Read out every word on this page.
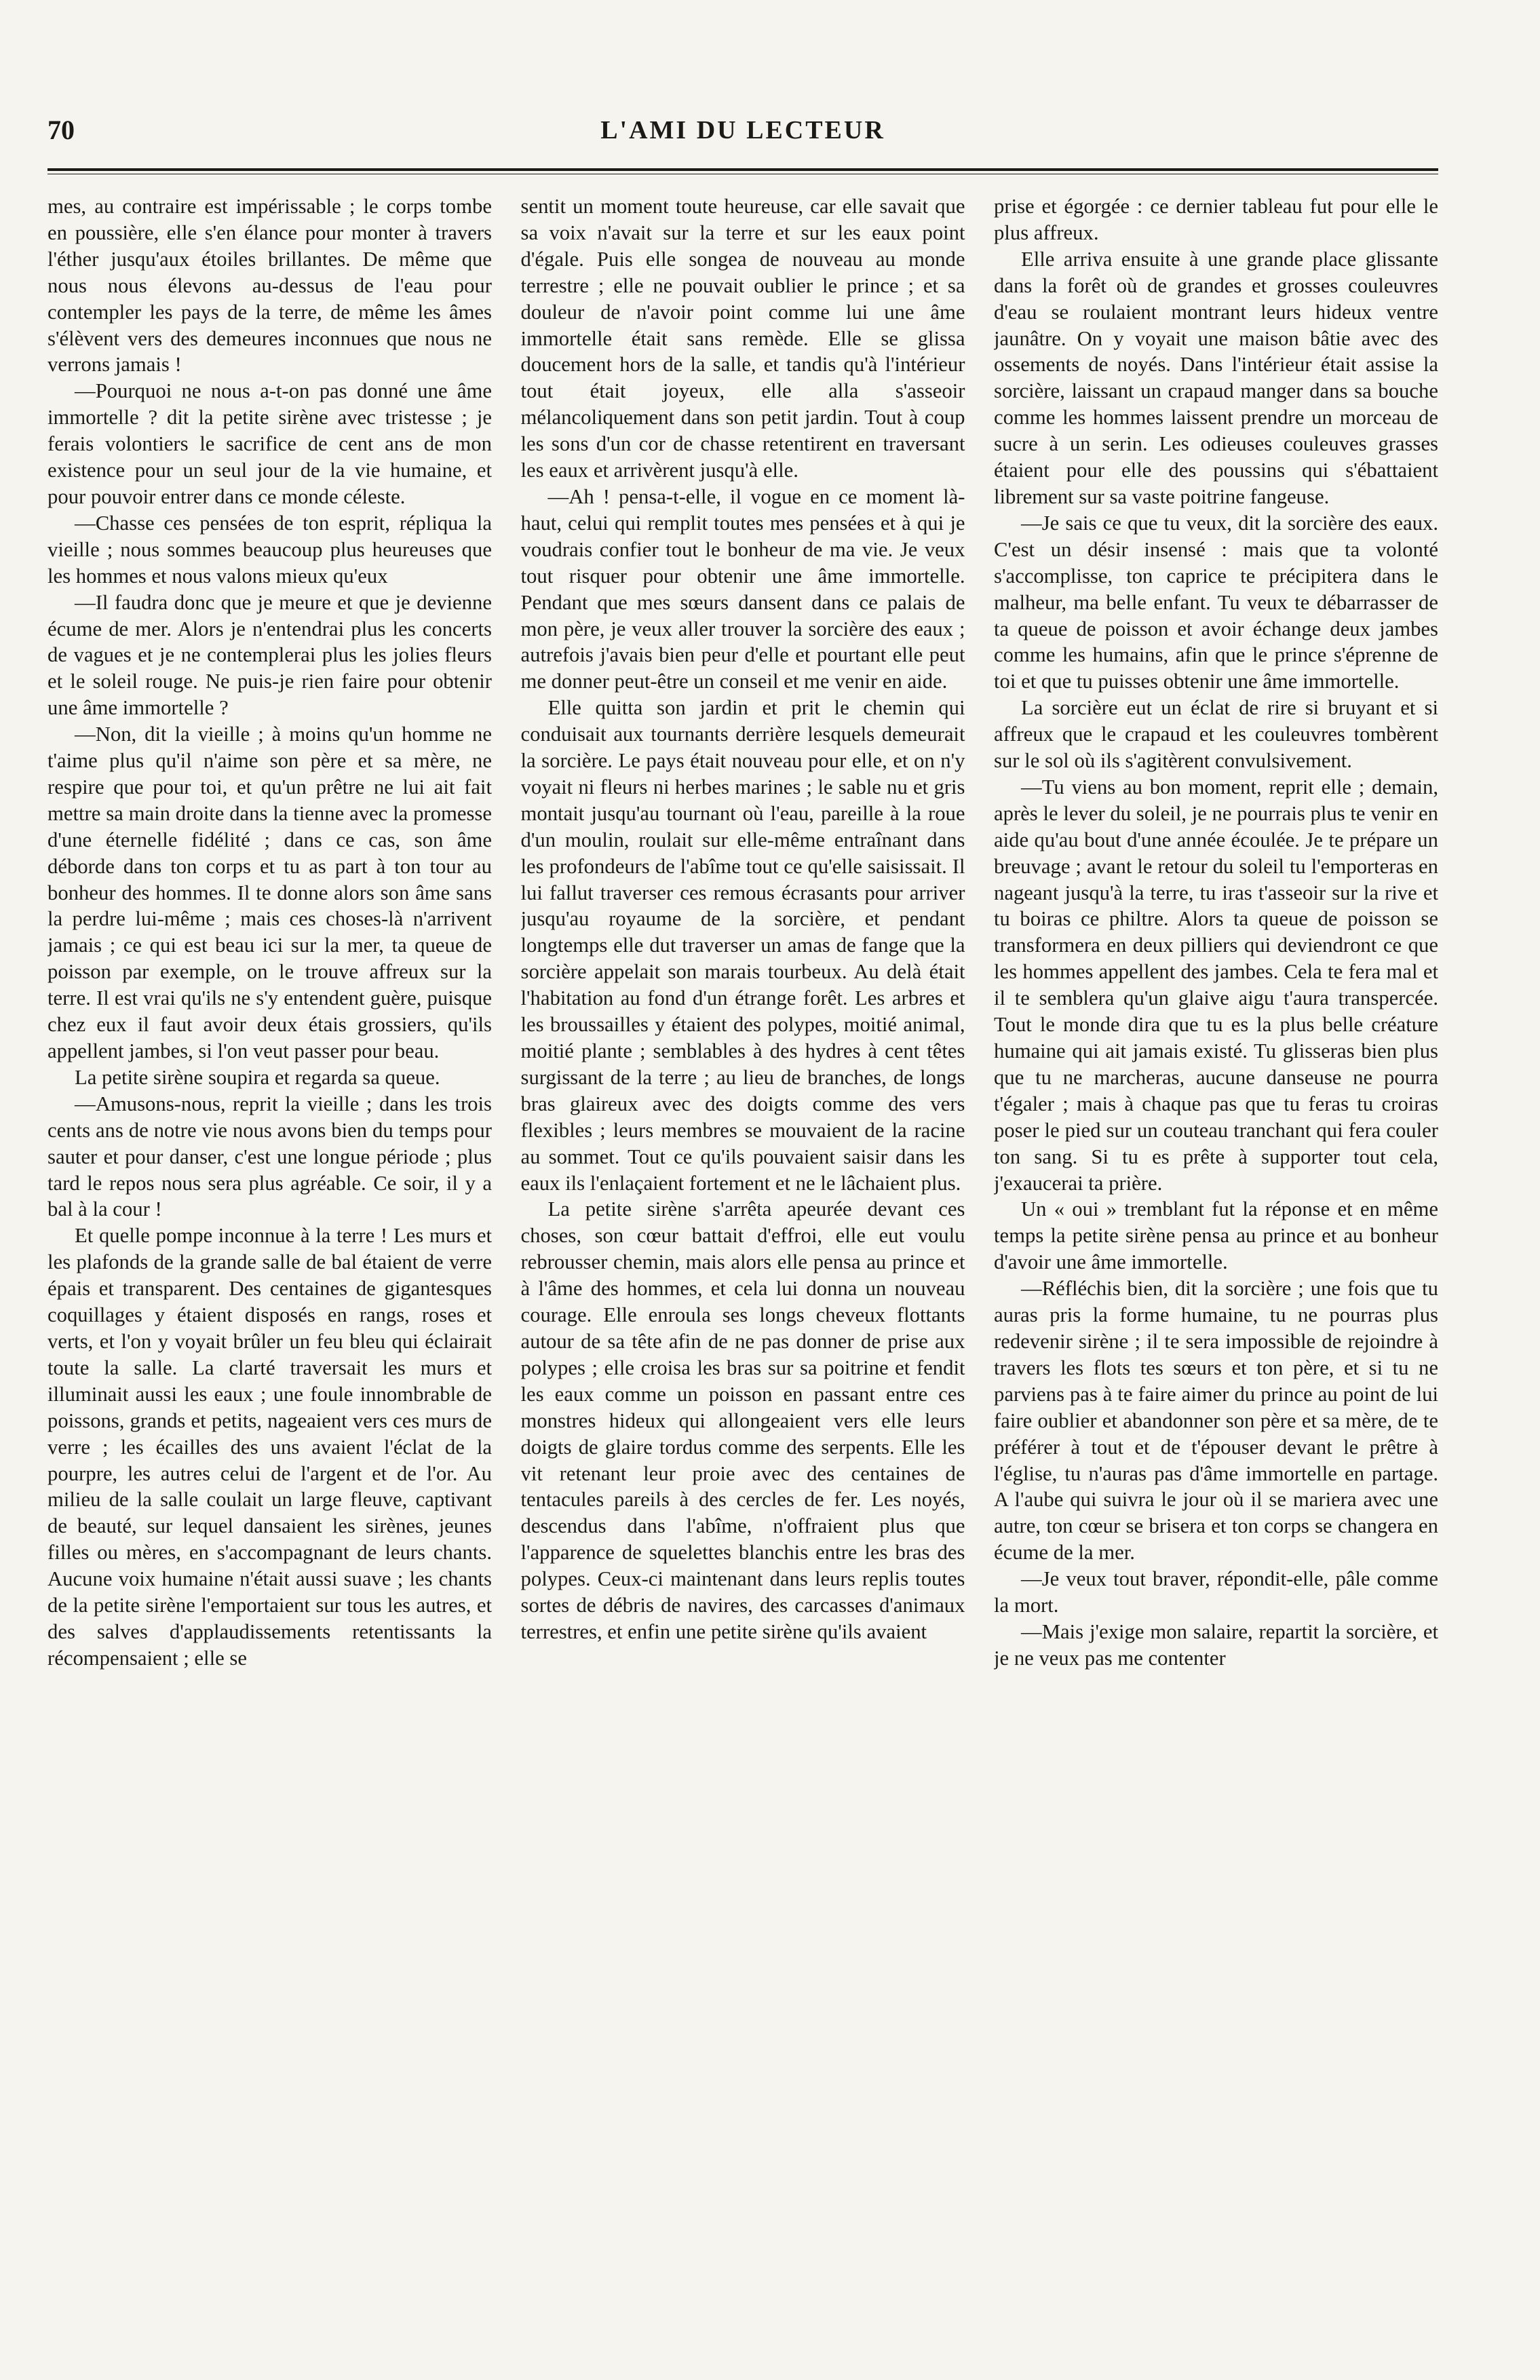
70	L'AMI DU LECTEUR

mes, au contraire est impérissable ; le corps tombe en poussière, elle s'en élance pour monter à travers l'éther jusqu'aux étoiles brillantes. De même que nous nous élevons au-dessus de l'eau pour contempler les pays de la terre, de même les âmes s'élèvent vers des demeures inconnues que nous ne verrons jamais !

—Pourquoi ne nous a-t-on pas donné une âme immortelle ? dit la petite sirène avec tristesse ; je ferais volontiers le sacrifice de cent ans de mon existence pour un seul jour de la vie humaine, et pour pouvoir entrer dans ce monde céleste.

—Chasse ces pensées de ton esprit, répliqua la vieille ; nous sommes beaucoup plus heureuses que les hommes et nous valons mieux qu'eux

—Il faudra donc que je meure et que je devienne écume de mer. Alors je n'entendrai plus les concerts de vagues et je ne contemplerai plus les jolies fleurs et le soleil rouge. Ne puis-je rien faire pour obtenir une âme immortelle ?

—Non, dit la vieille ; à moins qu'un homme ne t'aime plus qu'il n'aime son père et sa mère, ne respire que pour toi, et qu'un prêtre ne lui ait fait mettre sa main droite dans la tienne avec la promesse d'une éternelle fidélité ; dans ce cas, son âme déborde dans ton corps et tu as part à ton tour au bonheur des hommes. Il te donne alors son âme sans la perdre lui-même ; mais ces choses-là n'arrivent jamais ; ce qui est beau ici sur la mer, ta queue de poisson par exemple, on le trouve affreux sur la terre. Il est vrai qu'ils ne s'y entendent guère, puisque chez eux il faut avoir deux étais grossiers, qu'ils appellent jambes, si l'on veut passer pour beau.

La petite sirène soupira et regarda sa queue.

—Amusons-nous, reprit la vieille ; dans les trois cents ans de notre vie nous avons bien du temps pour sauter et pour danser, c'est une longue période ; plus tard le repos nous sera plus agréable. Ce soir, il y a bal à la cour !

Et quelle pompe inconnue à la terre ! Les murs et les plafonds de la grande salle de bal étaient de verre épais et transparent. Des centaines de gigantesques coquillages y étaient disposés en rangs, roses et verts, et l'on y voyait brûler un feu bleu qui éclairait toute la salle. La clarté traversait les murs et illuminait aussi les eaux ; une foule innombrable de poissons, grands et petits, nageaient vers ces murs de verre ; les écailles des uns avaient l'éclat de la pourpre, les autres celui de l'argent et de l'or. Au milieu de la salle coulait un large fleuve, captivant de beauté, sur lequel dansaient les sirènes, jeunes filles ou mères, en s'accompagnant de leurs chants. Aucune voix humaine n'était aussi suave ; les chants de la petite sirène l'emportaient sur tous les autres, et des salves d'applaudissements retentissants la récompensaient ; elle se

sentit un moment toute heureuse, car elle savait que sa voix n'avait sur la terre et sur les eaux point d'égale. Puis elle songea de nouveau au monde terrestre ; elle ne pouvait oublier le prince ; et sa douleur de n'avoir point comme lui une âme immortelle était sans remède. Elle se glissa doucement hors de la salle, et tandis qu'à l'intérieur tout était joyeux, elle alla s'asseoir mélancoliquement dans son petit jardin. Tout à coup les sons d'un cor de chasse retentirent en traversant les eaux et arrivèrent jusqu'à elle.

—Ah ! pensa-t-elle, il vogue en ce moment là-haut, celui qui remplit toutes mes pensées et à qui je voudrais confier tout le bonheur de ma vie. Je veux tout risquer pour obtenir une âme immortelle. Pendant que mes sœurs dansent dans ce palais de mon père, je veux aller trouver la sorcière des eaux ; autrefois j'avais bien peur d'elle et pourtant elle peut me donner peut-être un conseil et me venir en aide.

Elle quitta son jardin et prit le chemin qui conduisait aux tournants derrière lesquels demeurait la sorcière. Le pays était nouveau pour elle, et on n'y voyait ni fleurs ni herbes marines ; le sable nu et gris montait jusqu'au tournant où l'eau, pareille à la roue d'un moulin, roulait sur elle-même entraînant dans les profondeurs de l'abîme tout ce qu'elle saisissait. Il lui fallut traverser ces remous écrasants pour arriver jusqu'au royaume de la sorcière, et pendant longtemps elle dut traverser un amas de fange que la sorcière appelait son marais tourbeux. Au delà était l'habitation au fond d'un étrange forêt. Les arbres et les broussailles y étaient des polypes, moitié animal, moitié plante ; semblables à des hydres à cent têtes surgissant de la terre ; au lieu de branches, de longs bras glaireux avec des doigts comme des vers flexibles ; leurs membres se mouvaient de la racine au sommet. Tout ce qu'ils pouvaient saisir dans les eaux ils l'enlaçaient fortement et ne le lâchaient plus.

La petite sirène s'arrêta apeurée devant ces choses, son cœur battait d'effroi, elle eut voulu rebrousser chemin, mais alors elle pensa au prince et à l'âme des hommes, et cela lui donna un nouveau courage. Elle enroula ses longs cheveux flottants autour de sa tête afin de ne pas donner de prise aux polypes ; elle croisa les bras sur sa poitrine et fendit les eaux comme un poisson en passant entre ces monstres hideux qui allongeaient vers elle leurs doigts de glaire tordus comme des serpents. Elle les vit retenant leur proie avec des centaines de tentacules pareils à des cercles de fer. Les noyés, descendus dans l'abîme, n'offraient plus que l'apparence de squelettes blanchis entre les bras des polypes. Ceux-ci maintenant dans leurs replis toutes sortes de débris de navires, des carcasses d'animaux terrestres, et enfin une petite sirène qu'ils avaient

prise et égorgée : ce dernier tableau fut pour elle le plus affreux.

Elle arriva ensuite à une grande place glissante dans la forêt où de grandes et grosses couleuvres d'eau se roulaient montrant leurs hideux ventre jaunâtre. On y voyait une maison bâtie avec des ossements de noyés. Dans l'intérieur était assise la sorcière, laissant un crapaud manger dans sa bouche comme les hommes laissent prendre un morceau de sucre à un serin. Les odieuses couleuves grasses étaient pour elle des poussins qui s'ébattaient librement sur sa vaste poitrine fangeuse.

—Je sais ce que tu veux, dit la sorcière des eaux. C'est un désir insensé : mais que ta volonté s'accomplisse, ton caprice te précipitera dans le malheur, ma belle enfant. Tu veux te débarrasser de ta queue de poisson et avoir échange deux jambes comme les humains, afin que le prince s'éprenne de toi et que tu puisses obtenir une âme immortelle.

La sorcière eut un éclat de rire si bruyant et si affreux que le crapaud et les couleuvres tombèrent sur le sol où ils s'agitèrent convulsivement.

—Tu viens au bon moment, reprit elle ; demain, après le lever du soleil, je ne pourrais plus te venir en aide qu'au bout d'une année écoulée. Je te prépare un breuvage ; avant le retour du soleil tu l'emporteras en nageant jusqu'à la terre, tu iras t'asseoir sur la rive et tu boiras ce philtre. Alors ta queue de poisson se transformera en deux pilliers qui deviendront ce que les hommes appellent des jambes. Cela te fera mal et il te semblera qu'un glaive aigu t'aura transpercée. Tout le monde dira que tu es la plus belle créature humaine qui ait jamais existé. Tu glisseras bien plus que tu ne marcheras, aucune danseuse ne pourra t'égaler ; mais à chaque pas que tu feras tu croiras poser le pied sur un couteau tranchant qui fera couler ton sang. Si tu es prête à supporter tout cela, j'exaucerai ta prière.

Un « oui » tremblant fut la réponse et en même temps la petite sirène pensa au prince et au bonheur d'avoir une âme immortelle.

—Réfléchis bien, dit la sorcière ; une fois que tu auras pris la forme humaine, tu ne pourras plus redevenir sirène ; il te sera impossible de rejoindre à travers les flots tes sœurs et ton père, et si tu ne parviens pas à te faire aimer du prince au point de lui faire oublier et abandonner son père et sa mère, de te préférer à tout et de t'épouser devant le prêtre à l'église, tu n'auras pas d'âme immortelle en partage. A l'aube qui suivra le jour où il se mariera avec une autre, ton cœur se brisera et ton corps se changera en écume de la mer.

—Je veux tout braver, répondit-elle, pâle comme la mort.

—Mais j'exige mon salaire, repartit la sorcière, et je ne veux pas me contenter
